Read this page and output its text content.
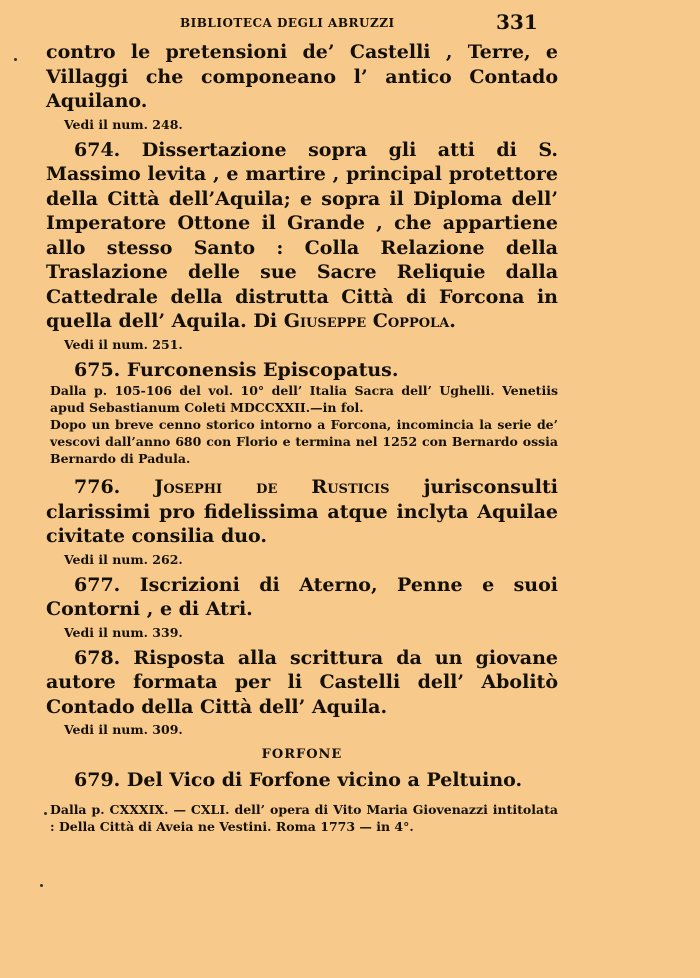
BIBLIOTECA DEGLI ABRUZZI	331

contro le pretensioni de’ Castelli , Terre, e Villaggi che componeano l’ antico Contado Aquilano.

Vedi il num. 248.

674. Dissertazione sopra gli atti di S. Massimo levita , e martire , principal protettore della Città dell’Aquila; e sopra il Diploma dell’ Imperatore Ottone il Grande , che appartiene allo stesso Santo : Colla Relazione della Traslazione delle sue Sacre Reliquie dalla Cattedrale della distrutta Città di Forcona in quella dell’ Aquila. Di Giuseppe Coppola.

Vedi il num. 251.

675. Furconensis Episcopatus.

Dalla p. 105-106 del vol. 10° dell’ Italia Sacra dell’ Ughelli. Venetiis apud Sebastianum Coleti MDCCXXII.—in fol.

Dopo un breve cenno storico intorno a Forcona, incomincia la serie de’ vescovi dall’anno 680 con Florio e termina nel 1252 con Bernardo ossia Bernardo di Padula.

776. Josephi de Rusticis jurisconsulti clarissimi pro fidelissima atque inclyta Aquilae civitate consilia duo.

Vedi il num. 262.

677. Iscrizioni di Aterno, Penne e suoi Contorni , e di Atri.

Vedi il num. 339.

678. Risposta alla scrittura da un giovane autore formata per li Castelli dell’ Abolitò Contado della Città dell’ Aquila.

Vedi il num. 309.
FORFONE

679. Del Vico di Forfone vicino a Peltuino.

Dalla p. CXXXIX. — CXLI. dell’ opera di Vito Maria Giovenazzi intitolata : Della Città di Aveia ne Vestini. Roma 1773 — in 4°.
